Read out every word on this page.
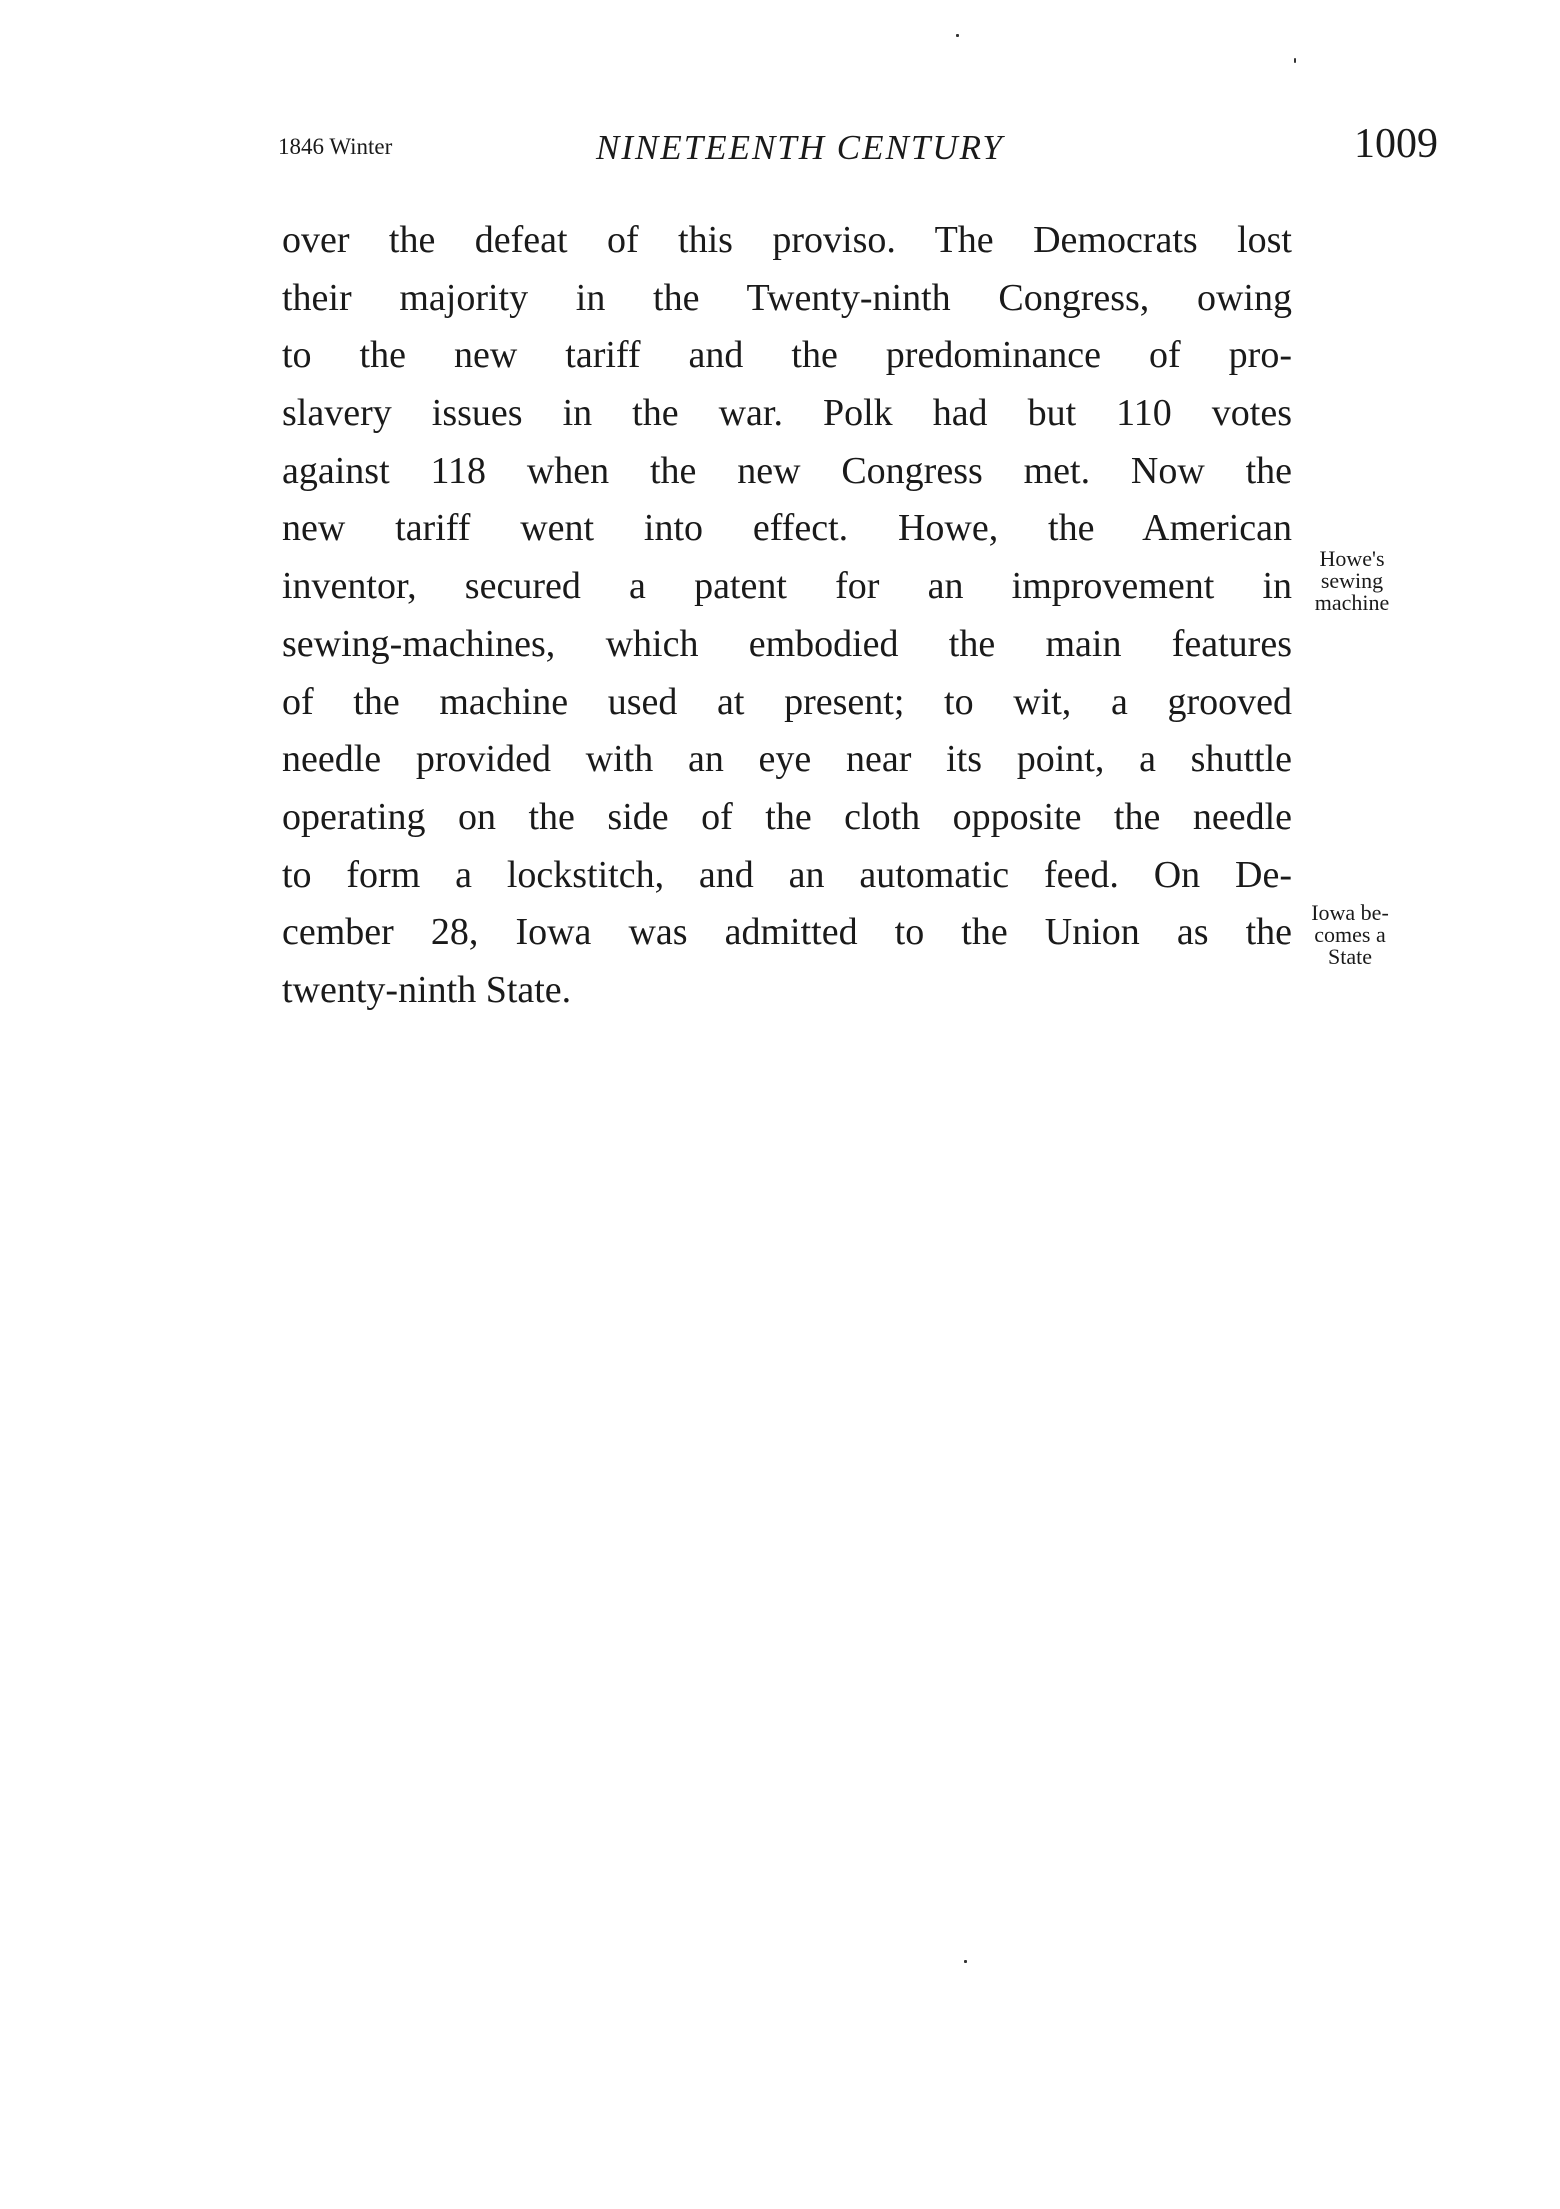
1846 Winter	NINETEENTH CENTURY	1009
over the defeat of this proviso. The Democrats lost
their majority in the Twenty-ninth Congress, owing
to the new tariff and the predominance of pro-
slavery issues in the war. Polk had but 110 votes
against 118 when the new Congress met. Now the
new tariff went into effect. Howe, the American
inventor, secured a patent for an improvement in
sewing-machines, which embodied the main features
of the machine used at present; to wit, a grooved
needle provided with an eye near its point, a shuttle
operating on the side of the cloth opposite the needle
to form a lockstitch, and an automatic feed. On De-
cember 28, Iowa was admitted to the Union as the
twenty-ninth State.
Howe's
sewing
machine
Iowa be-
comes a
State
